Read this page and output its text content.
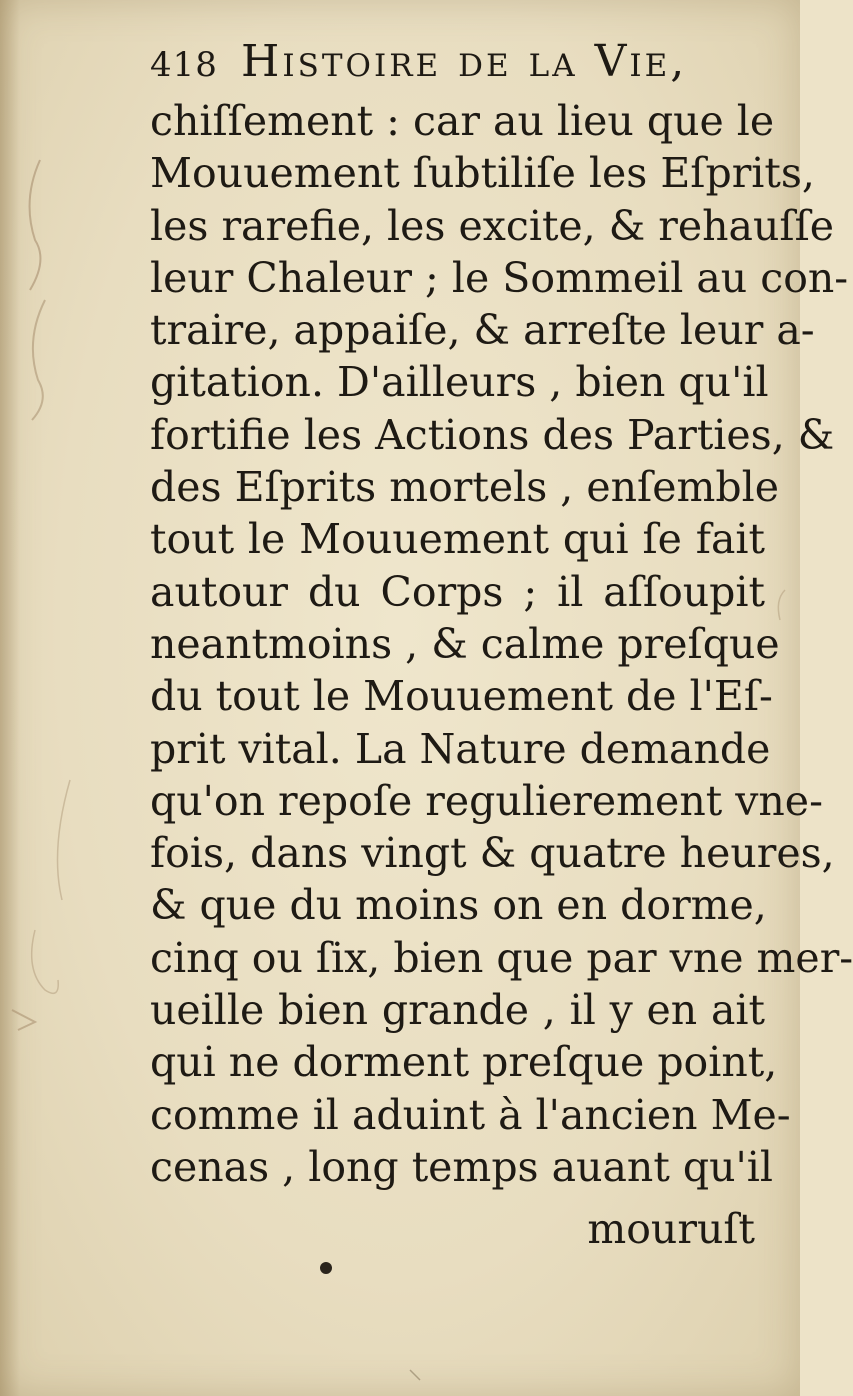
418 Histoire de la Vie,
chiſſement : car au lieu que le
Mouuement ſubtiliſe les Eſprits,
les rarefie, les excite, & rehauſſe
leur Chaleur ; le Sommeil au con-
traire, appaiſe, & arreſte leur a-
gitation. D'ailleurs , bien qu'il
fortifie les Actions des Parties, &
des Eſprits mortels , enſemble
tout le Mouuement qui ſe fait
autour du Corps ; il aſſoupit
neantmoins , & calme preſque
du tout le Mouuement de l'Eſ-
prit vital. La Nature demande
qu'on repoſe regulierement vne-
fois, dans vingt & quatre heures,
& que du moins on en dorme,
cinq ou ſix, bien que par vne mer-
ueille bien grande , il y en ait
qui ne dorment preſque point,
comme il aduint à l'ancien Me-
cenas , long temps auant qu'il
mouruſt
